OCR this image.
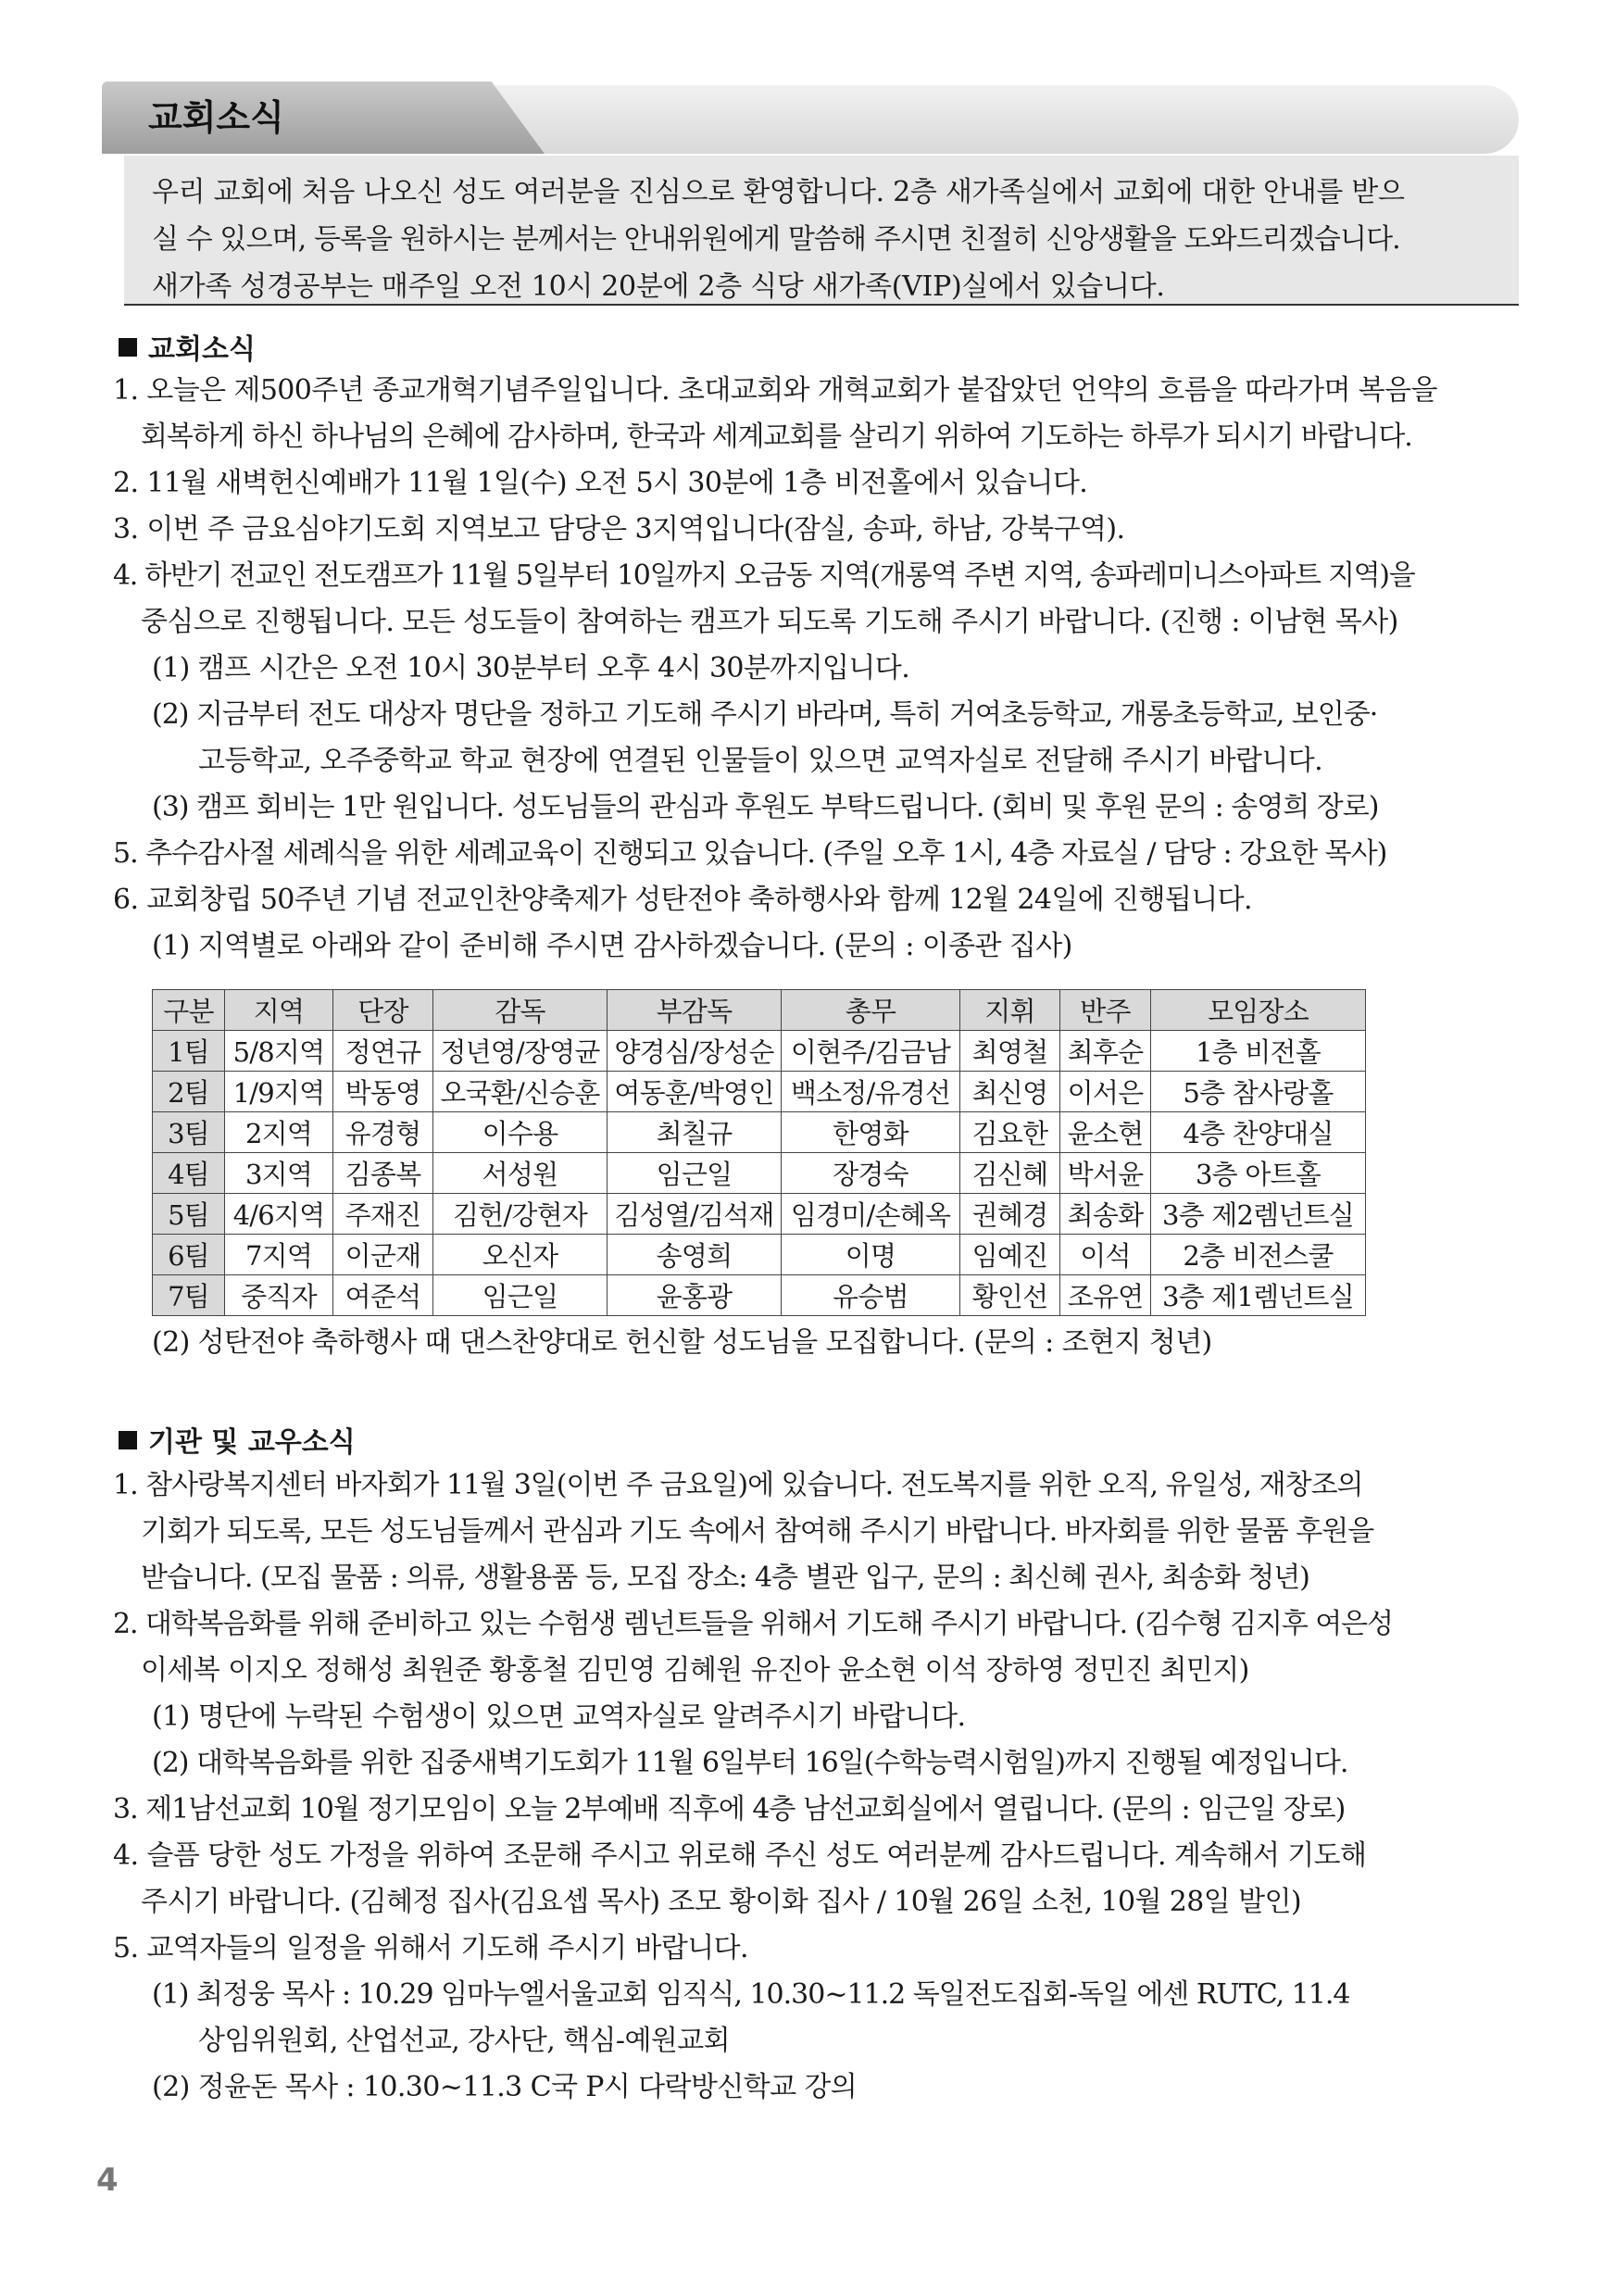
교회소식

우리 교회에 처음 나오신 성도 여러분을 진심으로 환영합니다. 2층 새가족실에서 교회에 대한 안내를 받으

실 수 있으며, 등록을 원하시는 분께서는 안내위원에게 말씀해 주시면 친절히 신앙생활을 도와드리겠습니다.

새가족 성경공부는 매주일 오전 10시 20분에 2층 식당 새가족(VIP)실에서 있습니다.

교회소식
1. 오늘은 제500주년 종교개혁기념주일입니다. 초대교회와 개혁교회가 붙잡았던 언약의 흐름을 따라가며 복음을
회복하게 하신 하나님의 은혜에 감사하며, 한국과 세계교회를 살리기 위하여 기도하는 하루가 되시기 바랍니다.
2. 11월 새벽헌신예배가 11월 1일(수) 오전 5시 30분에 1층 비전홀에서 있습니다.
3. 이번 주 금요심야기도회 지역보고 담당은 3지역입니다(잠실, 송파, 하남, 강북구역).
4. 하반기 전교인 전도캠프가 11월 5일부터 10일까지 오금동 지역(개롱역 주변 지역, 송파레미니스아파트 지역)을
중심으로 진행됩니다. 모든 성도들이 참여하는 캠프가 되도록 기도해 주시기 바랍니다. (진행 : 이남현 목사)
(1) 캠프 시간은 오전 10시 30분부터 오후 4시 30분까지입니다.
(2) 지금부터 전도 대상자 명단을 정하고 기도해 주시기 바라며, 특히 거여초등학교, 개롱초등학교, 보인중·
고등학교, 오주중학교 학교 현장에 연결된 인물들이 있으면 교역자실로 전달해 주시기 바랍니다.
(3) 캠프 회비는 1만 원입니다. 성도님들의 관심과 후원도 부탁드립니다. (회비 및 후원 문의 : 송영희 장로)
5. 추수감사절 세례식을 위한 세례교육이 진행되고 있습니다. (주일 오후 1시, 4층 자료실 / 담당 : 강요한 목사)
6. 교회창립 50주년 기념 전교인찬양축제가 성탄전야 축하행사와 함께 12월 24일에 진행됩니다.
(1) 지역별로 아래와 같이 준비해 주시면 감사하겠습니다. (문의 : 이종관 집사)
구분	지역	단장	감독	부감독	총무	지휘	반주	모임장소
1팀	5/8지역	정연규	정년영/장영균	양경심/장성순	이현주/김금남	최영철	최후순	1층 비전홀
2팀	1/9지역	박동영	오국환/신승훈	여동훈/박영인	백소정/유경선	최신영	이서은	5층 참사랑홀
3팀	2지역	유경형	이수용	최칠규	한영화	김요한	윤소현	4층 찬양대실
4팀	3지역	김종복	서성원	임근일	장경숙	김신혜	박서윤	3층 아트홀
5팀	4/6지역	주재진	김헌/강현자	김성열/김석재	임경미/손혜옥	권혜경	최송화	3층 제2렘넌트실
6팀	7지역	이군재	오신자	송영희	이명	임예진	이석	2층 비전스쿨
7팀	중직자	여준석	임근일	윤홍광	유승범	황인선	조유연	3층 제1렘넌트실
(2) 성탄전야 축하행사 때 댄스찬양대로 헌신할 성도님을 모집합니다. (문의 : 조현지 청년)
기관 및 교우소식
1. 참사랑복지센터 바자회가 11월 3일(이번 주 금요일)에 있습니다. 전도복지를 위한 오직, 유일성, 재창조의
기회가 되도록, 모든 성도님들께서 관심과 기도 속에서 참여해 주시기 바랍니다. 바자회를 위한 물품 후원을
받습니다. (모집 물품 : 의류, 생활용품 등, 모집 장소: 4층 별관 입구, 문의 : 최신혜 권사, 최송화 청년)
2. 대학복음화를 위해 준비하고 있는 수험생 렘넌트들을 위해서 기도해 주시기 바랍니다. (김수형 김지후 여은성
이세복 이지오 정해성 최원준 황홍철 김민영 김혜원 유진아 윤소현 이석 장하영 정민진 최민지)
(1) 명단에 누락된 수험생이 있으면 교역자실로 알려주시기 바랍니다.
(2) 대학복음화를 위한 집중새벽기도회가 11월 6일부터 16일(수학능력시험일)까지 진행될 예정입니다.
3. 제1남선교회 10월 정기모임이 오늘 2부예배 직후에 4층 남선교회실에서 열립니다. (문의 : 임근일 장로)
4. 슬픔 당한 성도 가정을 위하여 조문해 주시고 위로해 주신 성도 여러분께 감사드립니다. 계속해서 기도해
주시기 바랍니다. (김혜정 집사(김요셉 목사) 조모 황이화 집사 / 10월 26일 소천, 10월 28일 발인)
5. 교역자들의 일정을 위해서 기도해 주시기 바랍니다.
(1) 최정웅 목사 : 10.29 임마누엘서울교회 임직식, 10.30~11.2 독일전도집회-독일 에센 RUTC, 11.4
상임위원회, 산업선교, 강사단, 핵심-예원교회
(2) 정윤돈 목사 : 10.30~11.3 C국 P시 다락방신학교 강의
4
